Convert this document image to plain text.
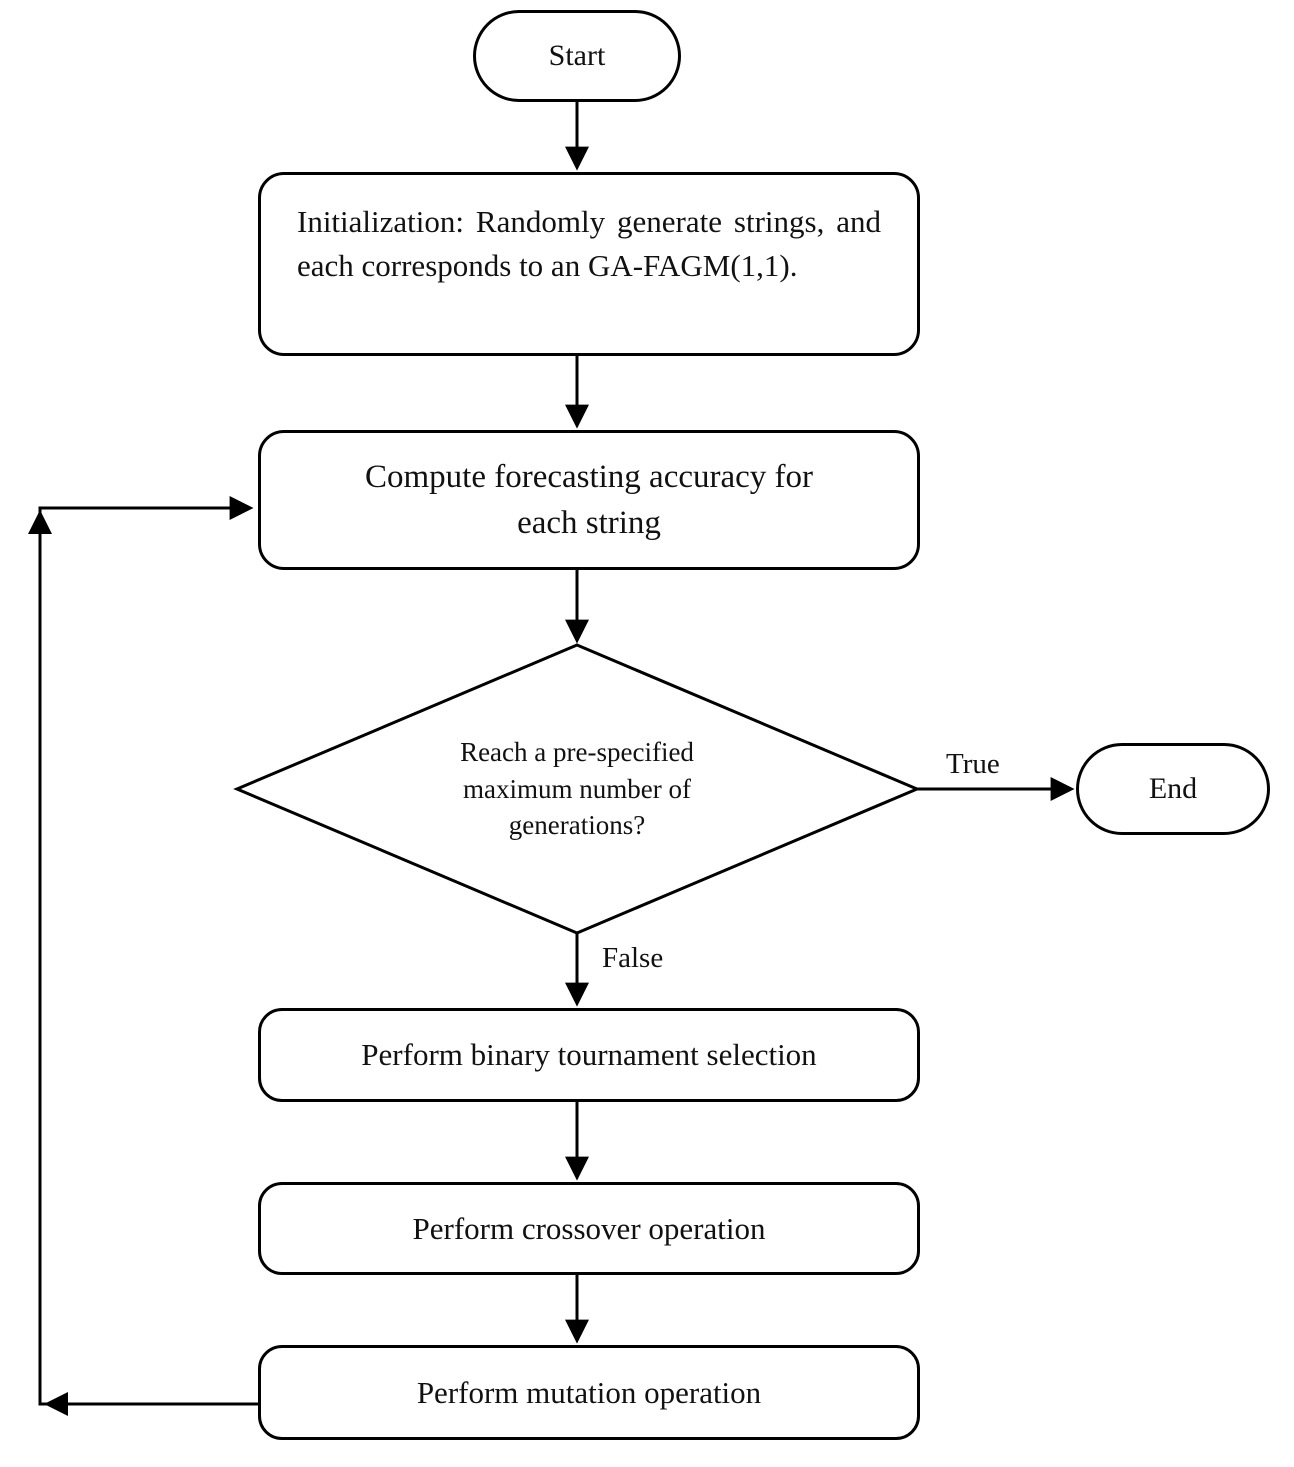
Start

Initialization: Randomly generate strings, and each corresponds to an GA-FAGM(1,1).

Compute forecasting accuracy for each string
Reach a pre-specified maximum number of generations?
True
False
End
Perform binary tournament selection
Perform crossover operation
Perform mutation operation
